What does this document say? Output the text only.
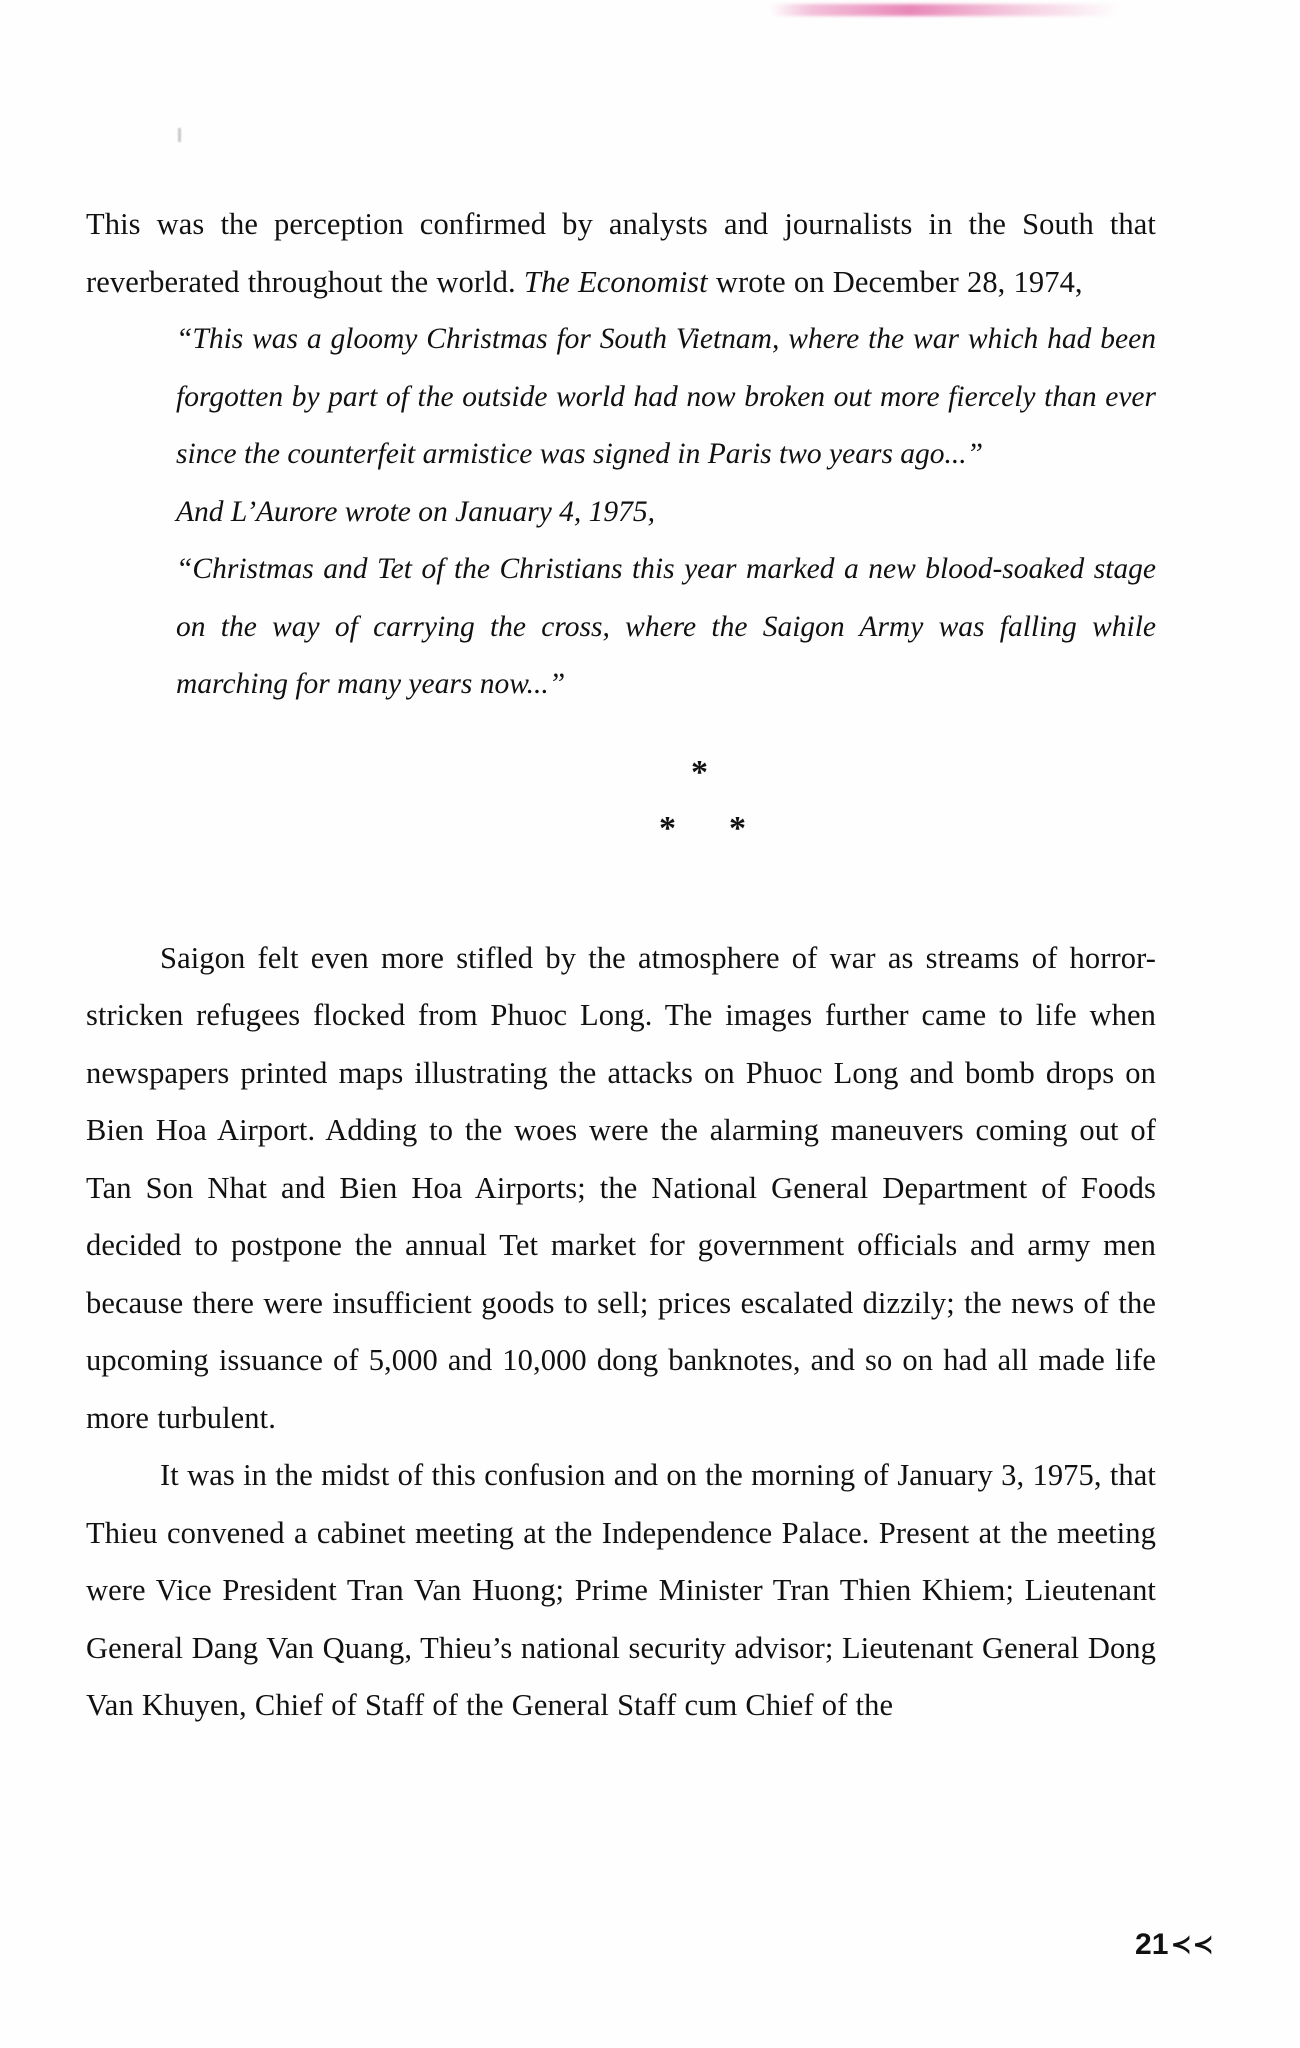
This was the perception confirmed by analysts and journalists in the South that reverberated throughout the world. The Economist wrote on December 28, 1974,

“This was a gloomy Christmas for South Vietnam, where the war which had been forgotten by part of the outside world had now broken out more fiercely than ever since the counterfeit armistice was signed in Paris two years ago...”

And L’Aurore wrote on January 4, 1975,

“Christmas and Tet of the Christians this year marked a new blood-soaked stage on the way of carrying the cross, where the Saigon Army was falling while marching for many years now...”

*
* *

Saigon felt even more stifled by the atmosphere of war as streams of horror-stricken refugees flocked from Phuoc Long. The images further came to life when newspapers printed maps illustrating the attacks on Phuoc Long and bomb drops on Bien Hoa Airport. Adding to the woes were the alarming maneuvers coming out of Tan Son Nhat and Bien Hoa Airports; the National General Department of Foods decided to postpone the annual Tet market for government officials and army men because there were insufficient goods to sell; prices escalated dizzily; the news of the upcoming issuance of 5,000 and 10,000 dong banknotes, and so on had all made life more turbulent.

It was in the midst of this confusion and on the morning of January 3, 1975, that Thieu convened a cabinet meeting at the Independence Palace. Present at the meeting were Vice President Tran Van Huong; Prime Minister Tran Thien Khiem; Lieutenant General Dang Van Quang, Thieu’s national security advisor; Lieutenant General Dong Van Khuyen, Chief of Staff of the General Staff cum Chief of the

21 ≺≺
